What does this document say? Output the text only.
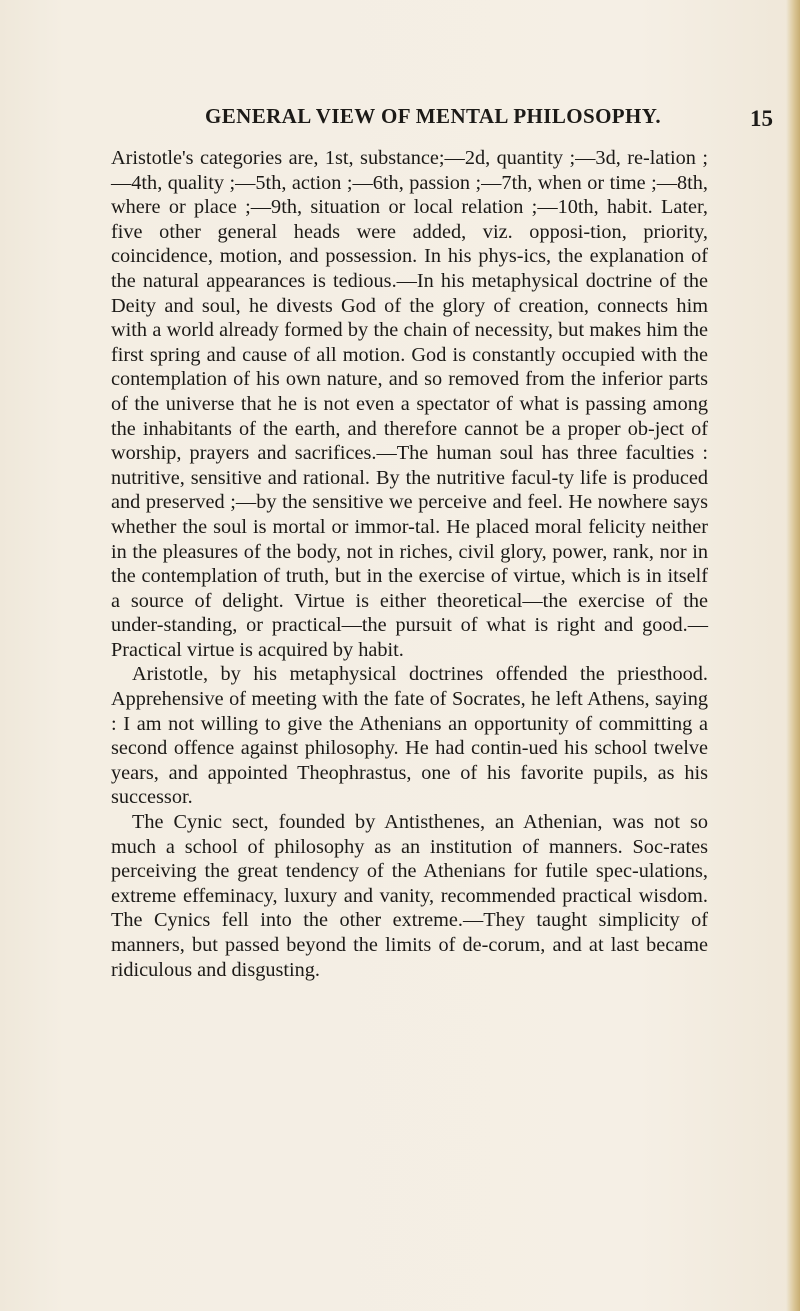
GENERAL VIEW OF MENTAL PHILOSOPHY.	15

Aristotle's categories are, 1st, substance;—2d, quantity ;—3d, re-lation ;—4th, quality ;—5th, action ;—6th, passion ;—7th, when or time ;—8th, where or place ;—9th, situation or local relation ;—10th, habit. Later, five other general heads were added, viz. opposi-tion, priority, coincidence, motion, and possession. In his phys-ics, the explanation of the natural appearances is tedious.—In his metaphysical doctrine of the Deity and soul, he divests God of the glory of creation, connects him with a world already formed by the chain of necessity, but makes him the first spring and cause of all motion. God is constantly occupied with the contemplation of his own nature, and so removed from the inferior parts of the universe that he is not even a spectator of what is passing among the inhabitants of the earth, and therefore cannot be a proper ob-ject of worship, prayers and sacrifices.—The human soul has three faculties : nutritive, sensitive and rational. By the nutritive facul-ty life is produced and preserved ;—by the sensitive we perceive and feel. He nowhere says whether the soul is mortal or immor-tal. He placed moral felicity neither in the pleasures of the body, not in riches, civil glory, power, rank, nor in the contemplation of truth, but in the exercise of virtue, which is in itself a source of delight. Virtue is either theoretical—the exercise of the under-standing, or practical—the pursuit of what is right and good.—Practical virtue is acquired by habit.

Aristotle, by his metaphysical doctrines offended the priesthood. Apprehensive of meeting with the fate of Socrates, he left Athens, saying : I am not willing to give the Athenians an opportunity of committing a second offence against philosophy. He had contin-ued his school twelve years, and appointed Theophrastus, one of his favorite pupils, as his successor.

The Cynic sect, founded by Antisthenes, an Athenian, was not so much a school of philosophy as an institution of manners. Soc-rates perceiving the great tendency of the Athenians for futile spec-ulations, extreme effeminacy, luxury and vanity, recommended practical wisdom. The Cynics fell into the other extreme.—They taught simplicity of manners, but passed beyond the limits of de-corum, and at last became ridiculous and disgusting.
